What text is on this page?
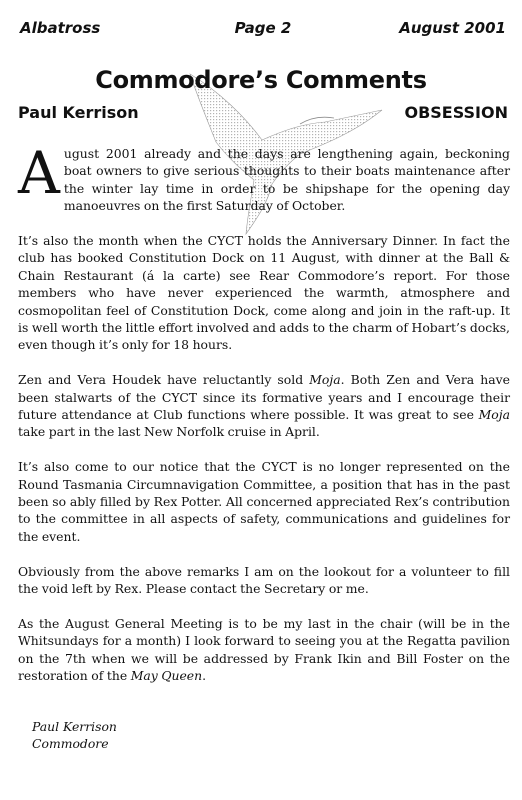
Albatross	Page 2	August 2001
Commodore’s Comments
Paul Kerrison	OBSESSION

August 2001 already and the days are lengthening again, beckoning boat owners to give serious thoughts to their boats maintenance after the winter lay time in order to be shipshape for the opening day manoeuvres on the first Saturday of October.

It’s also the month when the CYCT holds the Anniversary Dinner. In fact the club has booked Constitution Dock on 11 August, with dinner at the Ball & Chain Restaurant (á la carte) see Rear Commodore’s report. For those members who have never experienced the warmth, atmosphere and cosmopolitan feel of Constitution Dock, come along and join in the raft-up. It is well worth the little effort involved and adds to the charm of Hobart’s docks, even though it’s only for 18 hours.

Zen and Vera Houdek have reluctantly sold Moja. Both Zen and Vera have been stalwarts of the CYCT since its formative years and I encourage their future attendance at Club functions where possible. It was great to see Moja take part in the last New Norfolk cruise in April.

It’s also come to our notice that the CYCT is no longer represented on the Round Tasmania Circumnavigation Committee, a position that has in the past been so ably filled by Rex Potter. All concerned appreciated Rex’s contribution to the committee in all aspects of safety, communications and guidelines for the event.

Obviously from the above remarks I am on the lookout for a volunteer to fill the void left by Rex. Please contact the Secretary or me.

As the August General Meeting is to be my last in the chair (will be in the Whitsundays for a month) I look forward to seeing you at the Regatta pavilion on the 7th when we will be addressed by Frank Ikin and Bill Foster on the restoration of the May Queen.

Paul Kerrison
Commodore
